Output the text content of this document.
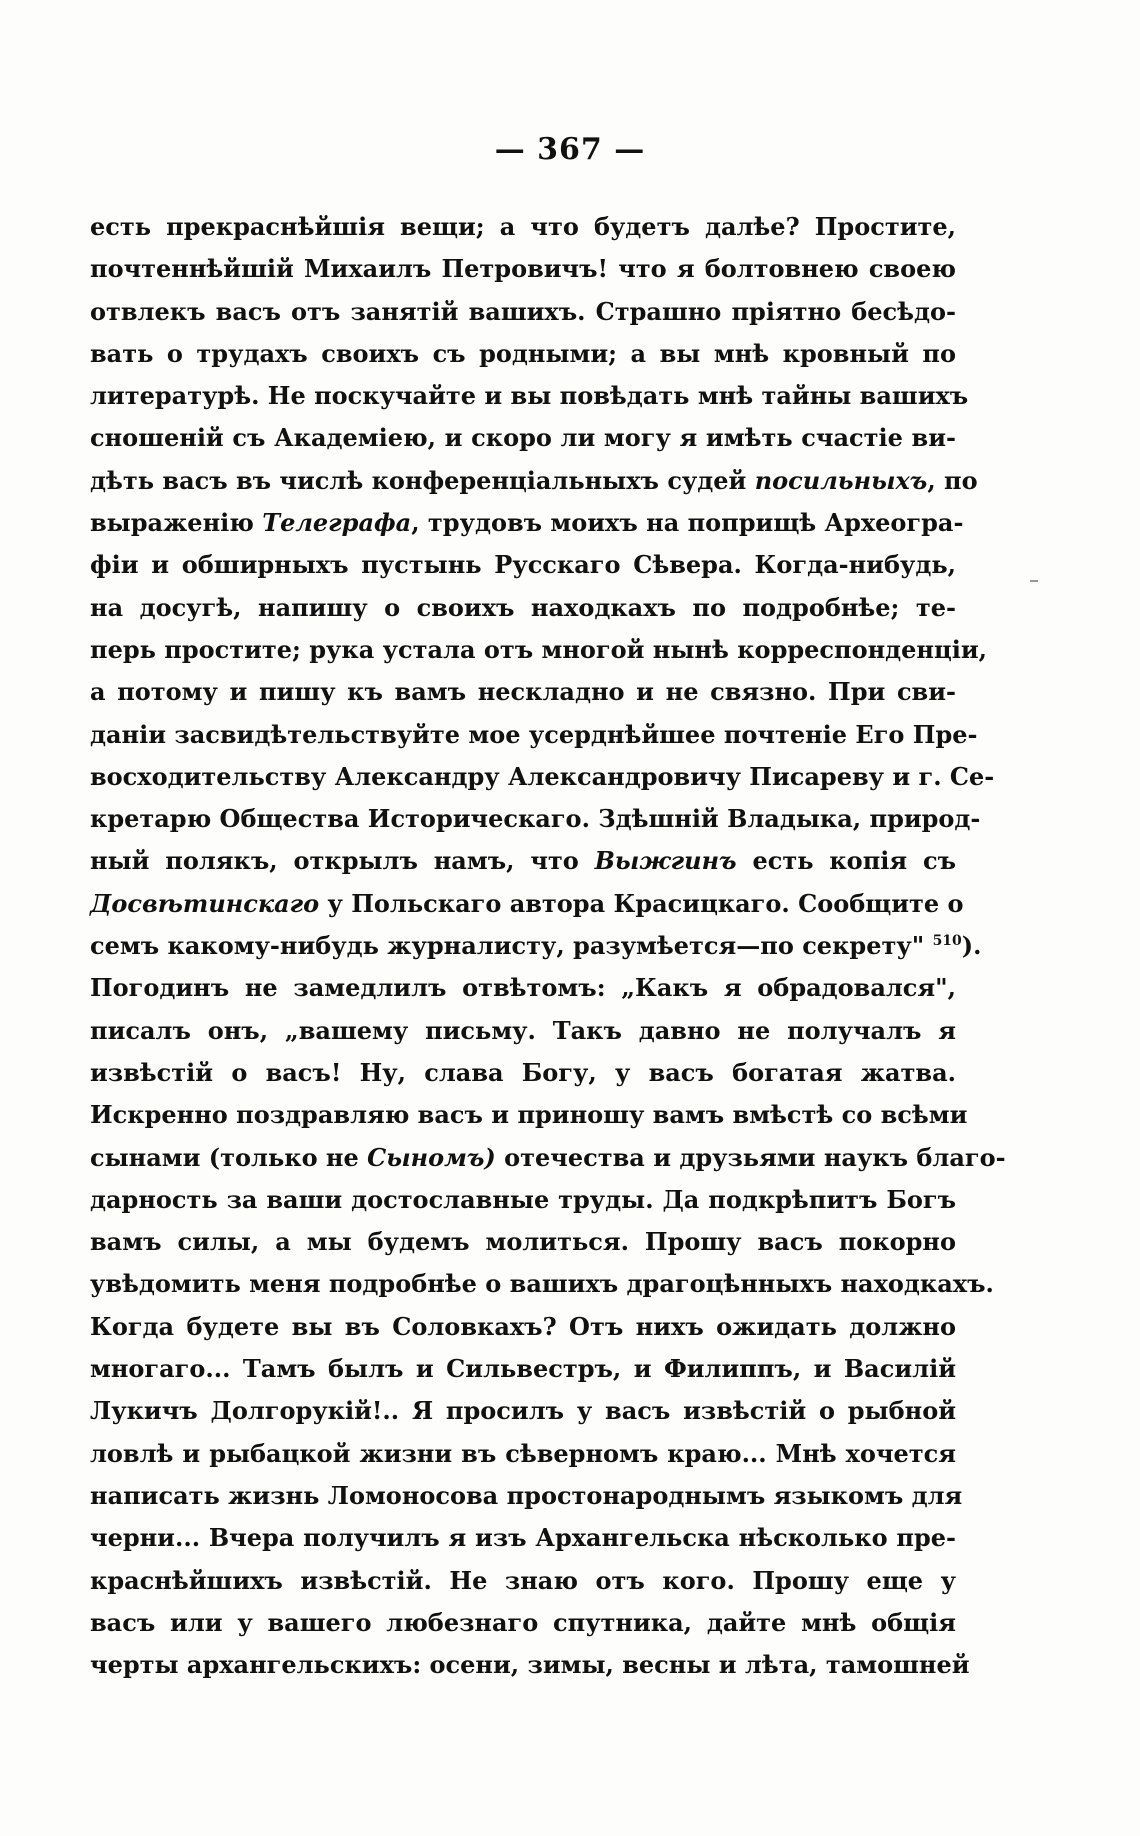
— 367 —
есть прекраснѣйшія вещи; а что будетъ далѣе? Простите,
почтеннѣйшій Михаилъ Петровичъ! что я болтовнею своею
отвлекъ васъ отъ занятій вашихъ. Страшно пріятно бесѣдо-
вать о трудахъ своихъ съ родными; а вы мнѣ кровный по
литературѣ. Не поскучайте и вы повѣдать мнѣ тайны вашихъ
сношеній съ Академіею, и скоро ли могу я имѣть счастіе ви-
дѣть васъ въ числѣ конференціальныхъ судей посильныхъ, по
выраженію Телеграфа, трудовъ моихъ на поприщѣ Археогра-
фіи и обширныхъ пустынь Русскаго Сѣвера. Когда-нибудь,
на досугѣ, напишу о своихъ находкахъ по подробнѣе; те-
перь простите; рука устала отъ многой нынѣ корреспонденціи,
а потому и пишу къ вамъ нескладно и не связно. При сви-
даніи засвидѣтельствуйте мое усерднѣйшее почтеніе Его Пре-
восходительству Александру Александровичу Писареву и г. Се-
кретарю Общества Историческаго. Здѣшній Владыка, природ-
ный полякъ, открылъ намъ, что Выжгинъ есть копія съ
Досвѣтинскаго у Польскаго автора Красицкаго. Сообщите о
семъ какому-нибудь журналисту, разумѣется—по секрету" $^{510}$).
Погодинъ не замедлилъ отвѣтомъ: „Какъ я обрадовался",
писалъ онъ, „вашему письму. Такъ давно не получалъ я
извѣстій о васъ! Ну, слава Богу, у васъ богатая жатва.
Искренно поздравляю васъ и приношу вамъ вмѣстѣ со всѣми
сынами (только не Сыномъ) отечества и друзьями наукъ благо-
дарность за ваши достославные труды. Да подкрѣпитъ Богъ
вамъ силы, а мы будемъ молиться. Прошу васъ покорно
увѣдомить меня подробнѣе о вашихъ драгоцѣнныхъ находкахъ.
Когда будете вы въ Соловкахъ? Отъ нихъ ожидать должно
многаго... Тамъ былъ и Сильвестръ, и Филиппъ, и Василій
Лукичъ Долгорукій!.. Я просилъ у васъ извѣстій о рыбной
ловлѣ и рыбацкой жизни въ сѣверномъ краю... Мнѣ хочется
написать жизнь Ломоносова простонароднымъ языкомъ для
черни... Вчера получилъ я изъ Архангельска нѣсколько пре-
краснѣйшихъ извѣстій. Не знаю отъ кого. Прошу еще у
васъ или у вашего любезнаго спутника, дайте мнѣ общія
черты архангельскихъ: осени, зимы, весны и лѣта, тамошней
